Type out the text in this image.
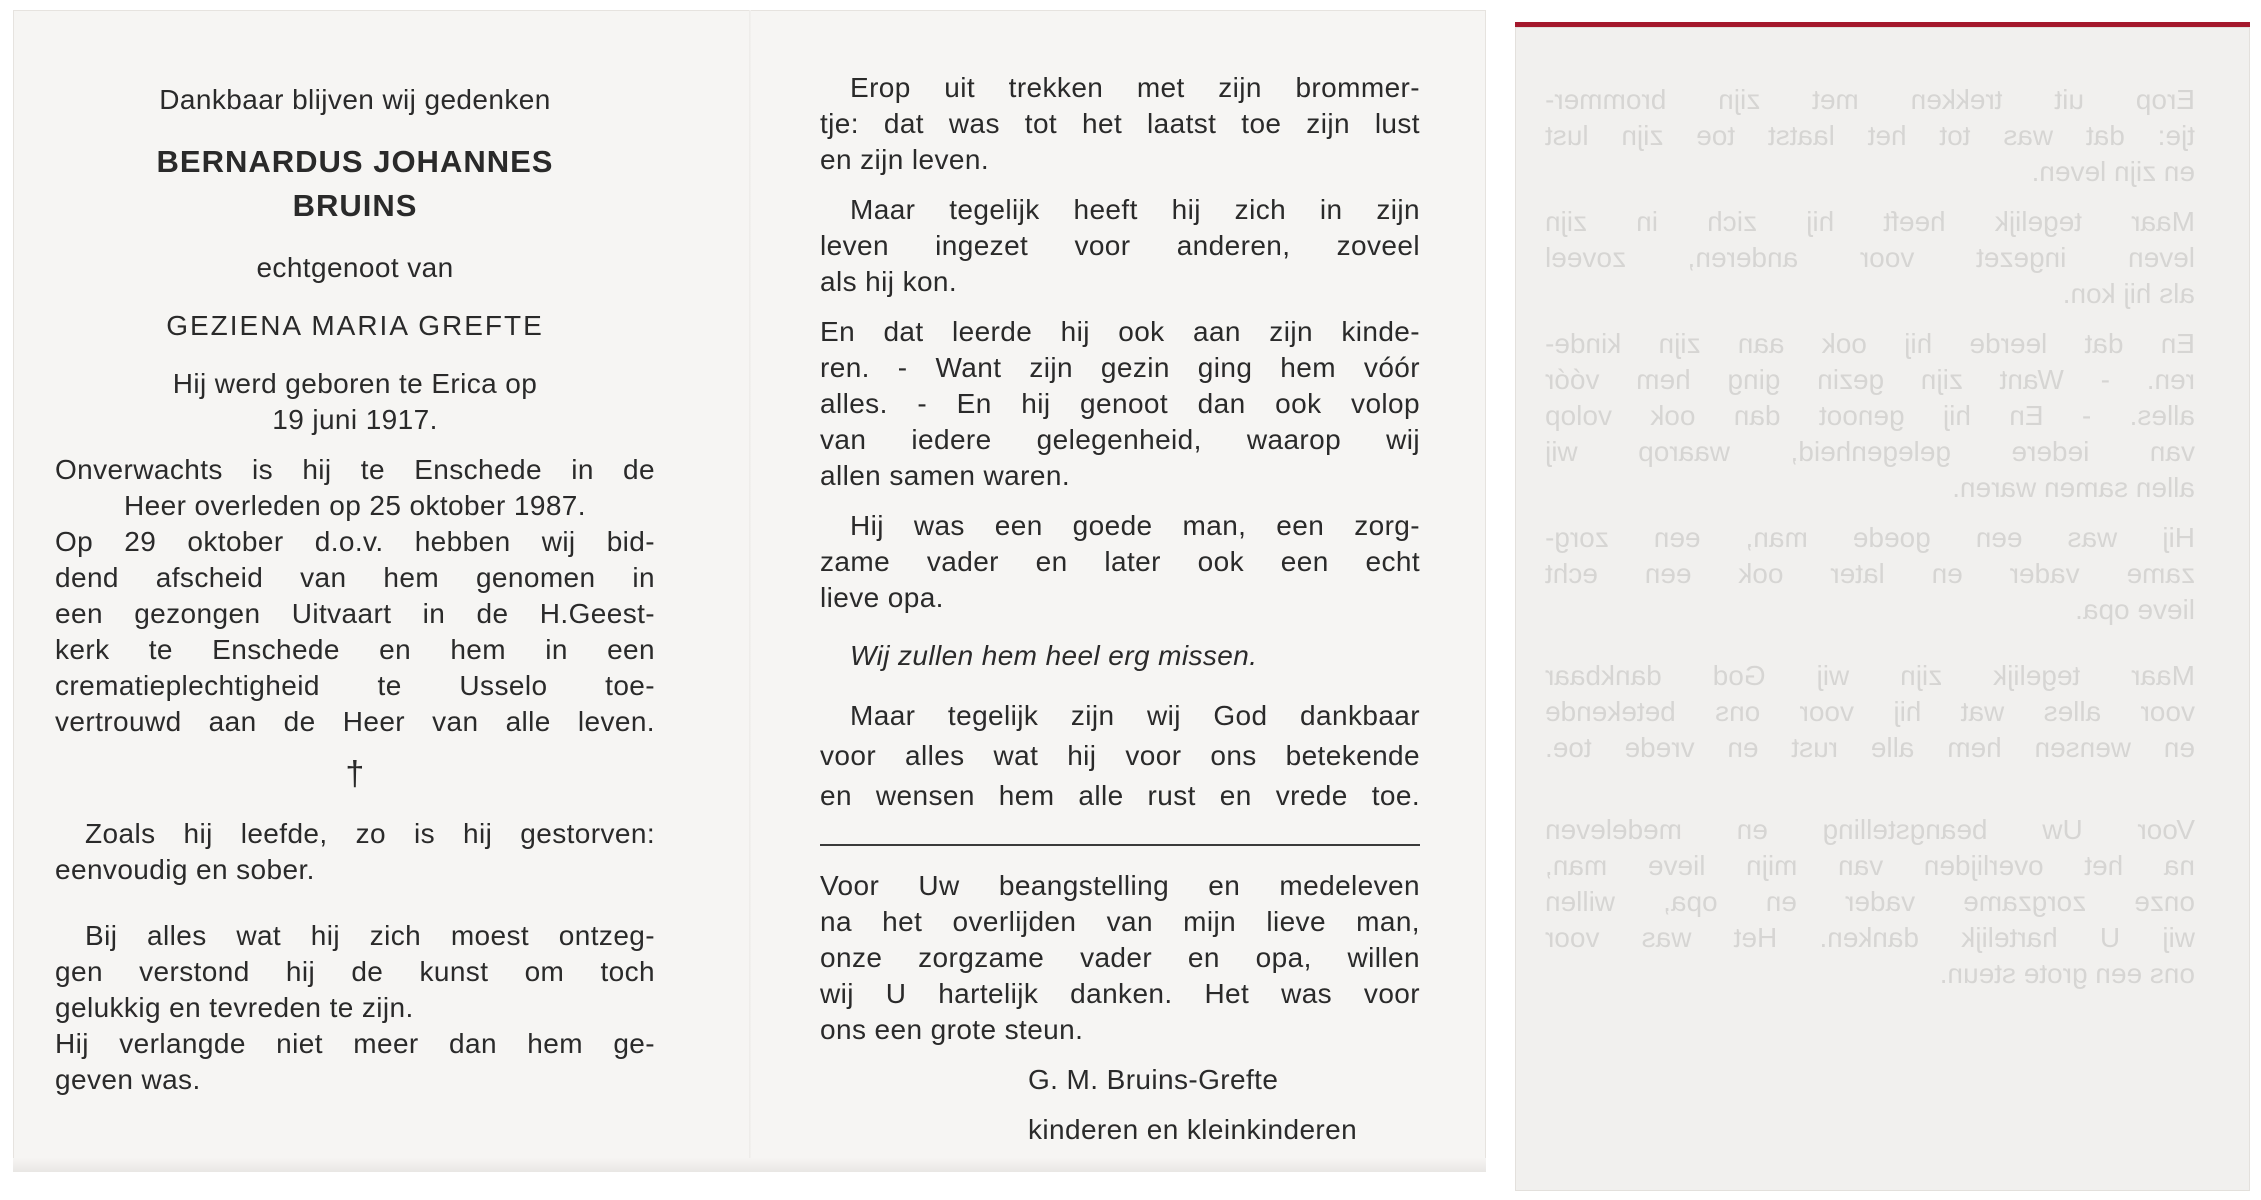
Dankbaar blijven wij gedenken
BERNARDUS JOHANNES
BRUINS
echtgenoot van
GEZIENA MARIA GREFTE
Hij werd geboren te Erica op
19 juni 1917.
Onverwachts is hij te Enschede in de
Heer overleden op 25 oktober 1987.
Op 29 oktober d.o.v. hebben wij bid-
dend afscheid van hem genomen in
een gezongen Uitvaart in de H.Geest-
kerk te Enschede en hem in een
crematieplechtigheid te Usselo toe-
vertrouwd aan de Heer van alle leven.
†
Zoals hij leefde, zo is hij gestorven:
eenvoudig en sober.
Bij alles wat hij zich moest ontzeg-
gen verstond hij de kunst om toch
gelukkig en tevreden te zijn.
Hij verlangde niet meer dan hem ge-
geven was.
Erop uit trekken met zijn brommer-
tje: dat was tot het laatst toe zijn lust
en zijn leven.
Maar tegelijk heeft hij zich in zijn
leven ingezet voor anderen, zoveel
als hij kon.
En dat leerde hij ook aan zijn kinde-
ren. - Want zijn gezin ging hem vóór
alles. - En hij genoot dan ook volop
van iedere gelegenheid, waarop wij
allen samen waren.
Hij was een goede man, een zorg-
zame vader en later ook een echt
lieve opa.
Wij zullen hem heel erg missen.
Maar tegelijk zijn wij God dankbaar
voor alles wat hij voor ons betekende
en wensen hem alle rust en vrede toe.
Voor Uw beangstelling en medeleven
na het overlijden van mijn lieve man,
onze zorgzame vader en opa, willen
wij U hartelijk danken. Het was voor
ons een grote steun.
G. M. Bruins-Grefte
kinderen en kleinkinderen
